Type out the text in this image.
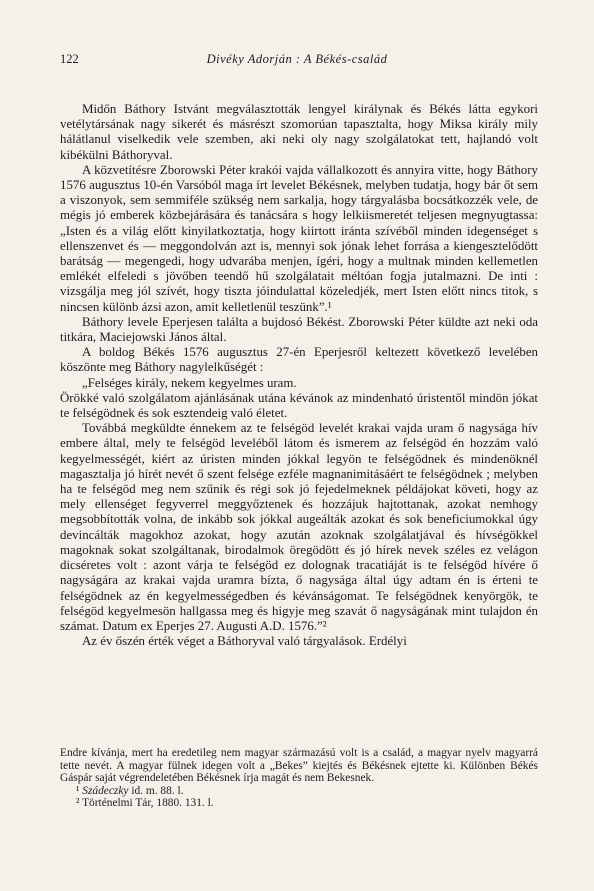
122	Divéky Adorján : A Békés-család

Midőn Báthory Istvánt megválasztották lengyel királynak és Békés látta egykori vetélytársának nagy sikerét és másrészt szomorúan tapasztalta, hogy Miksa király mily hálátlanul viselkedik vele szemben, aki neki oly nagy szolgálatokat tett, hajlandó volt kibékülni Báthoryval.

A közvetítésre Zborowski Péter krakói vajda vállalkozott és annyira vitte, hogy Báthory 1576 augusztus 10-én Varsóból maga írt levelet Békésnek, melyben tudatja, hogy bár őt sem a viszonyok, sem semmiféle szükség nem sarkalja, hogy tárgyalásba bocsátkozzék vele, de mégis jó emberek közbejárására és tanácsára s hogy lelkiismeretét teljesen megnyugtassa: „Isten és a világ előtt kinyilatkoztatja, hogy kiirtott iránta szívéből minden idegenséget s ellenszenvet és — meggondolván azt is, mennyi sok jónak lehet forrása a kiengesztelődött barátság — megengedi, hogy udvarába menjen, ígéri, hogy a multnak minden kellemetlen emlékét elfeledi s jövőben teendő hű szolgálatait méltóan fogja jutalmazni. De inti : vizsgálja meg jól szívét, hogy tiszta jóindulattal közeledjék, mert Isten előtt nincs titok, s nincsen különb ázsi azon, amit kelletlenül teszünk”.¹

Báthory levele Eperjesen találta a bujdosó Békést. Zborowski Péter küldte azt neki oda titkára, Maciejowski János által.

A boldog Békés 1576 augusztus 27-én Eperjesről keltezett következő levelében köszönte meg Báthory nagylelkűségét :

„Felséges király, nekem kegyelmes uram.

Örökké való szolgálatom ajánlásának utána kévánok az mindenható úristentől mindön jókat te felségödnek és sok esztendeig való életet.

Továbbá megküldte énnekem az te felségöd levelét krakai vajda uram ő nagysága hív embere által, mely te felségöd leveléből látom és ismerem az felségöd én hozzám való kegyelmességét, kiért az úristen minden jókkal legyön te felségödnek és mindenöknél magasztalja jó hírét nevét ő szent felsége ezféle magnanimitásáért te felségödnek ; melyben ha te felségöd meg nem szűnik és régi sok jó fejedelmeknek példájokat követi, hogy az mely ellenséget fegyverrel meggyőztenek és hozzájuk hajtottanak, azokat nemhogy megsobbították volna, de inkább sok jókkal augeálták azokat és sok beneficiumokkal úgy devincálták magokhoz azokat, hogy azután azoknak szolgálatjával és hívségökkel magoknak sokat szolgáltanak, birodalmok öregödött és jó hírek nevek széles ez velágon dicséretes volt : azont várja te felségöd ez dolognak tracatiáját is te felségöd hívére ő nagyságára az krakai vajda uramra bízta, ő nagysága által úgy adtam én is érteni te felségödnek az én kegyelmességedben és kévánságomat. Te felségödnek kenyörgök, te felségöd kegyelmesön hallgassa meg és higyje meg szavát ő nagyságának mint tulajdon én számat. Datum ex Eperjes 27. Augusti A.D. 1576.”²

Az év őszén érték véget a Báthoryval való tárgyalások. Erdélyi

Endre kívánja, mert ha eredetileg nem magyar származású volt is a család, a magyar nyelv magyarrá tette nevét. A magyar fülnek idegen volt a „Bekes” kiejtés és Békésnek ejtette ki. Különben Békés Gáspár saját végrendeletében Békésnek írja magát és nem Bekesnek.

¹ Szádeczky id. m. 88. l.

² Történelmi Tár, 1880. 131. l.
